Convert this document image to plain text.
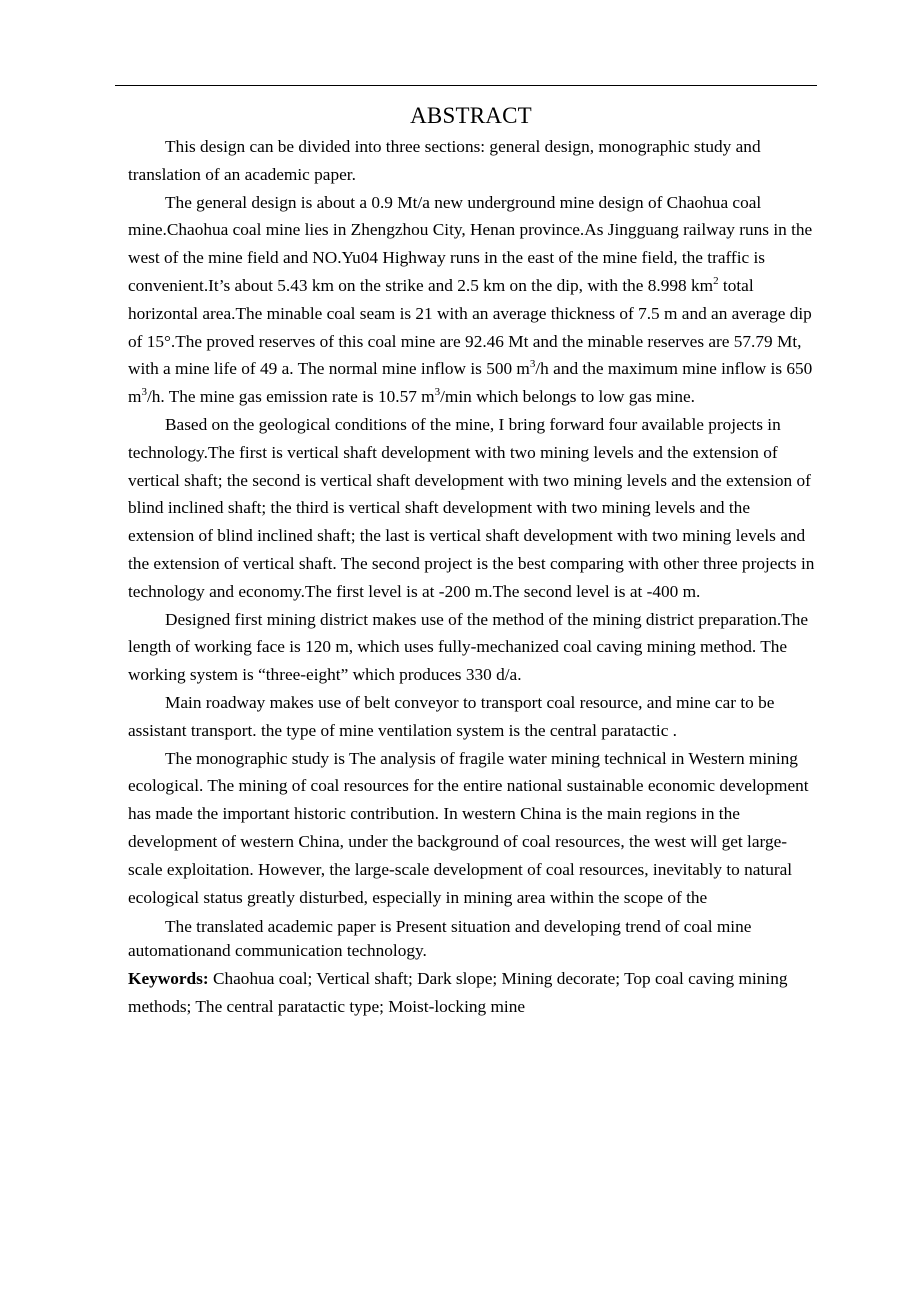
ABSTRACT

This design can be divided into three sections: general design, monographic study and translation of an academic paper.

The general design is about a 0.9 Mt/a new underground mine design of Chaohua coal mine.Chaohua coal mine lies in Zhengzhou City, Henan province.As Jingguang railway runs in the west of the mine field and NO.Yu04 Highway runs in the east of the mine field, the traffic is convenient.It’s about 5.43 km on the strike and 2.5 km on the dip, with the 8.998 $km^2$ total horizontal area.The minable coal seam is 21 with an average thickness of 7.5 m and an average dip of 15°.The proved reserves of this coal mine are 92.46 Mt and the minable reserves are 57.79 Mt, with a mine life of 49 a. The normal mine inflow is 500 $m^3/h$ and the maximum mine inflow is 650 $m^3/h$. The mine gas emission rate is 10.57 $m^3/\min$ which belongs to low gas mine.

Based on the geological conditions of the mine, I bring forward four available projects in technology.The first is vertical shaft development with two mining levels and the extension of vertical shaft; the second is vertical shaft development with two mining levels and the extension of blind inclined shaft; the third is vertical shaft development with two mining levels and the extension of blind inclined shaft; the last is vertical shaft development with two mining levels and the extension of vertical shaft. The second project is the best comparing with other three projects in technology and economy.The first level is at -200 m.The second level is at -400 m.

Designed first mining district makes use of the method of the mining district preparation.The length of working face is 120 m, which uses fully-mechanized coal caving mining method. The working system is “three-eight” which produces 330 d/a.

Main roadway makes use of belt conveyor to transport coal resource, and mine car to be assistant transport. the type of mine ventilation system is the central paratactic .

The monographic study is The analysis of fragile water mining technical in Western mining ecological. The mining of coal resources for the entire national sustainable economic development has made the important historic contribution. In western China is the main regions in the development of western China, under the background of coal resources, the west will get large-scale exploitation. However, the large-scale development of coal resources, inevitably to natural ecological status greatly disturbed, especially in mining area within the scope of the

The translated academic paper is Present situation and developing trend of coal mine automationand communication technology.

Keywords: Chaohua coal; Vertical shaft; Dark slope; Mining decorate; Top coal caving mining methods; The central paratactic type; Moist-locking mine
